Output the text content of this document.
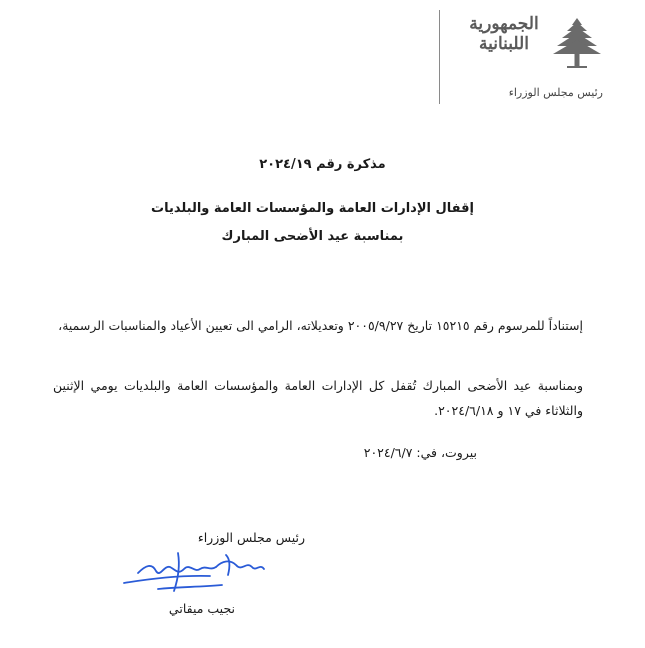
الجمهورية
اللبنانية
رئيس مجلس الوزراء
مذكرة رقم ٢٠٢٤/١٩
إقفال الإدارات العامة والمؤسسات العامة والبلديات
بمناسبة عيد الأضحى المبارك
إستناداً للمرسوم رقم ١٥٢١٥ تاريخ ٢٠٠٥/٩/٢٧ وتعديلاته، الرامي الى تعيين الأعياد والمناسبات الرسمية،
وبمناسبة عيد الأضحى المبارك تُقفل كل الإدارات العامة والمؤسسات العامة والبلديات يومي الإثنين والثلاثاء في ١٧ و ٢٠٢٤/٦/١٨.
بيروت، في: ٢٠٢٤/٦/٧
رئيس مجلس الوزراء
نجيب ميقاتي
